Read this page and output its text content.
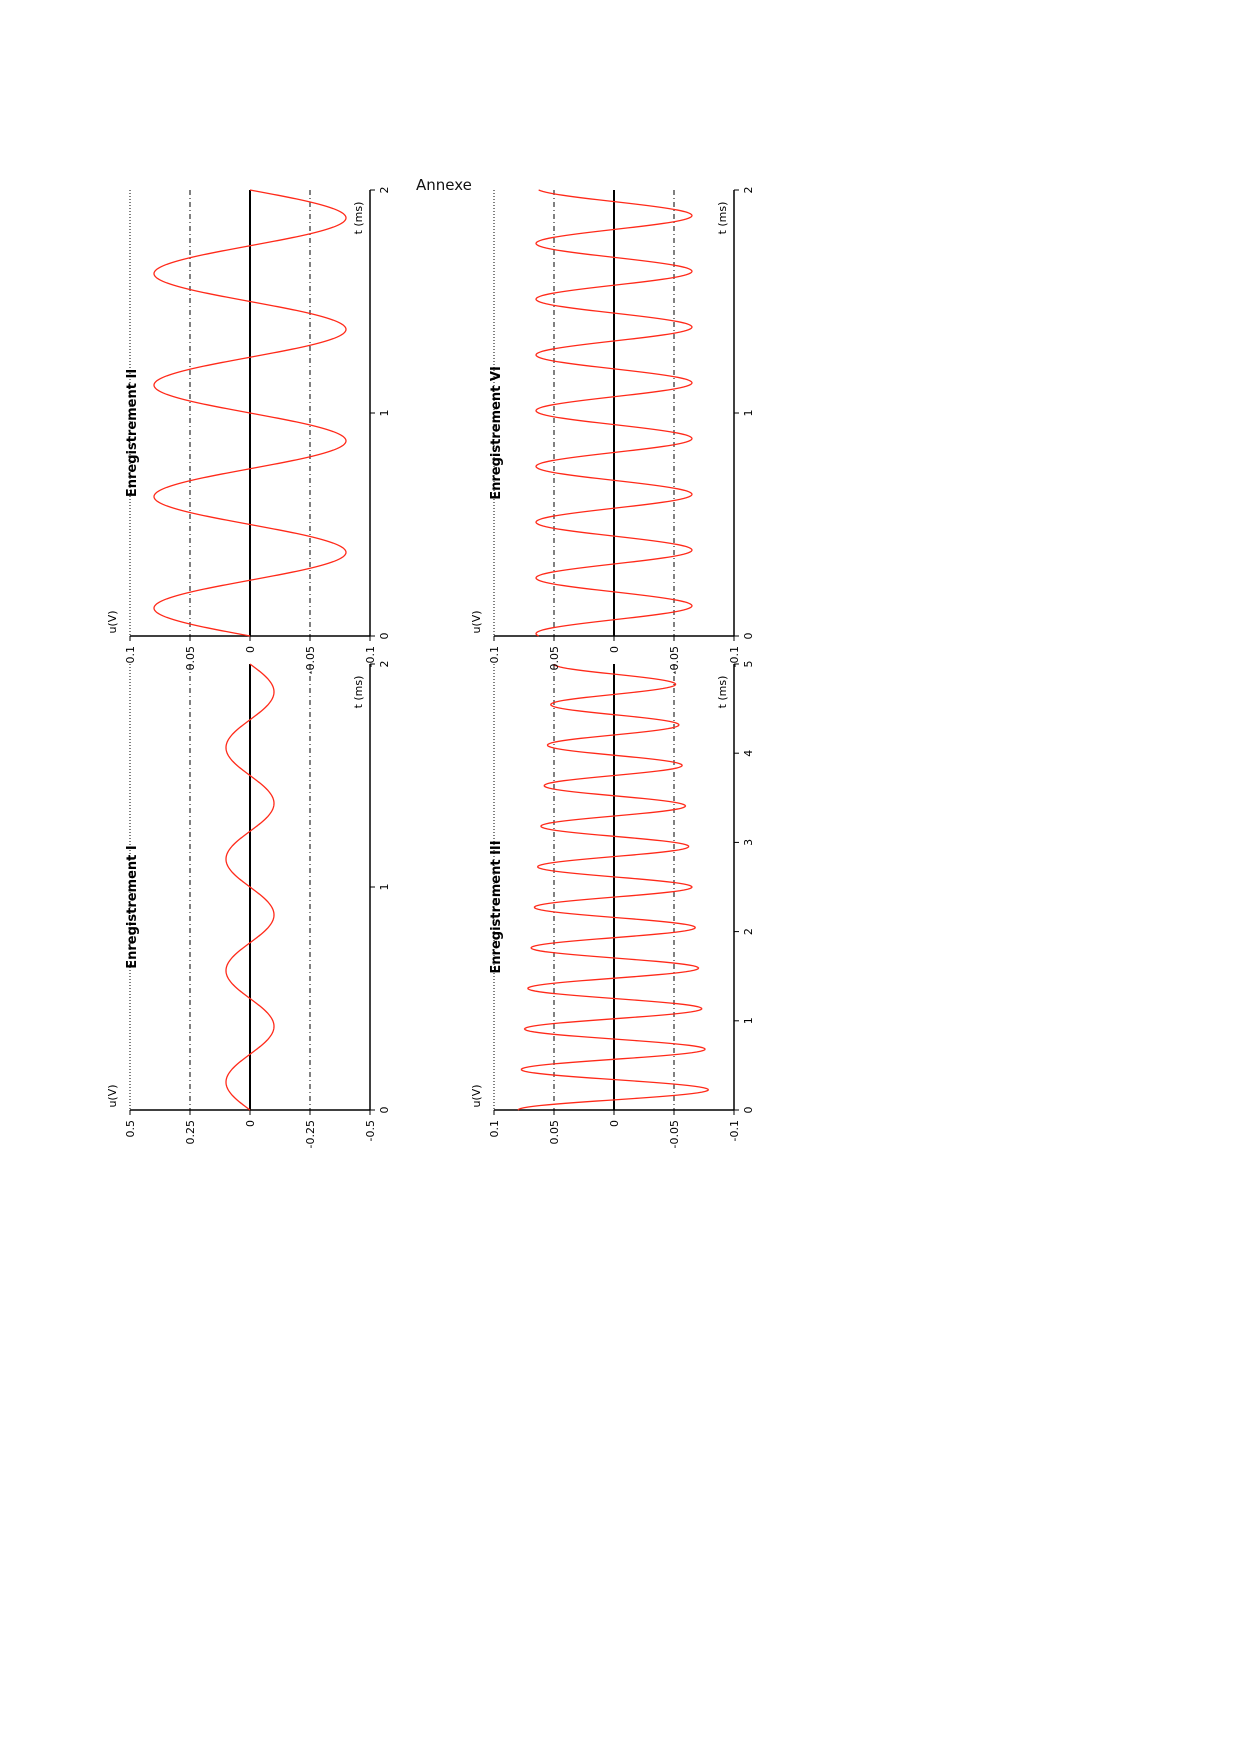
Annexe
0.5	0.25	0	-0.25	-0.5
0
1
2
u(V)
t (ms)
Enregistrement I
0.1	0.05	0	-0.05	-0.1
0
1
2
u(V)
t (ms)
Enregistrement II
0.1	0.05	0	-0.05	-0.1
0
1
2
3
4
5
u(V)
t (ms)
Enregistrement III
0.1	0.05	0	-0.05	-0.1
0
1
2
u(V)
t (ms)
Enregistrement VI
